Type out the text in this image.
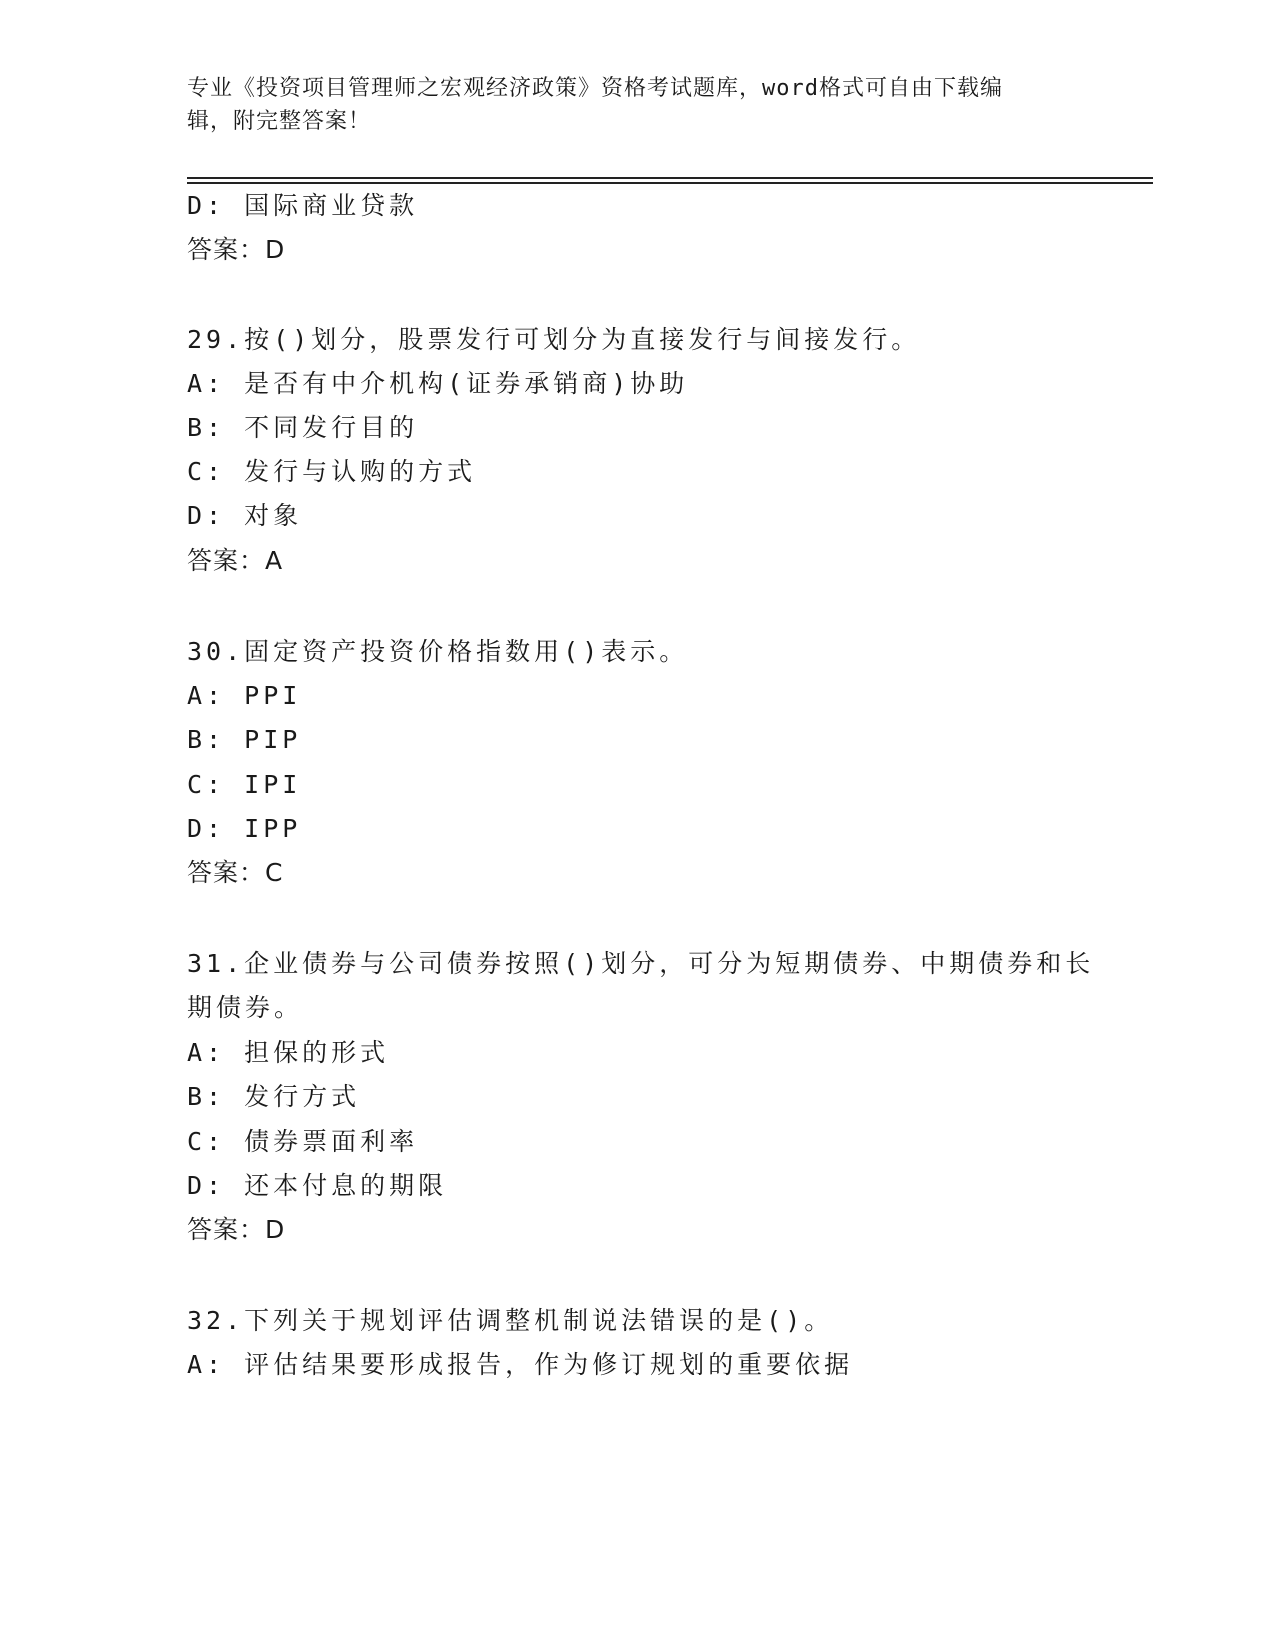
专业《投资项目管理师之宏观经济政策》资格考试题库，word格式可自由下载编
辑，附完整答案！
D: 国际商业贷款
答案：D
29.按()划分，股票发行可划分为直接发行与间接发行。
A: 是否有中介机构(证券承销商)协助
B: 不同发行目的
C: 发行与认购的方式
D: 对象
答案：A
30.固定资产投资价格指数用()表示。
A: PPI
B: PIP
C: IPI
D: IPP
答案：C
31.企业债券与公司债券按照()划分，可分为短期债券、中期债券和长
期债券。
A: 担保的形式
B: 发行方式
C: 债券票面利率
D: 还本付息的期限
答案：D
32.下列关于规划评估调整机制说法错误的是()。
A: 评估结果要形成报告，作为修订规划的重要依据
